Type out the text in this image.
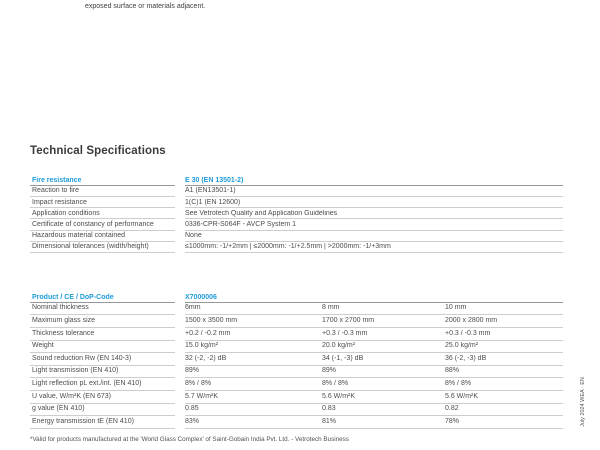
exposed surface or materials adjacent.
Technical Specifications
Fire resistance	E 30 (EN 13501-2)
Reaction to fire	A1 (EN13501-1)
Impact resistance	1(C)1 (EN 12600)
Application conditions	See Vetrotech Quality and Application Guidelines
Certificate of constancy of performance	0336-CPR-S064F - AVCP System 1
Hazardous material contained	None
Dimensional tolerances (width/height)	≤1000mm: -1/+2mm | ≤2000mm: -1/+2.5mm | >2000mm: -1/+3mm
Product / CE / DoP-Code	X7000006
Nominal thickness	6mm	8 mm	10 mm
Maximum glass size	1500 x 3500 mm	1700 x 2700 mm	2000 x 2800 mm
Thickness tolerance	+0.2 / -0.2 mm	+0.3 / -0.3 mm	+0.3 / -0.3 mm
Weight	15.0 kg/m²	20.0 kg/m²	25.0 kg/m²
Sound reduction Rw (EN 140-3)	32 (-2, -2) dB	34 (-1, -3) dB	36 (-2, -3) dB
Light transmission (EN 410)	89%	89%	88%
Light reflection pL ext./int. (EN 410)	8% / 8%	8% / 8%	8% / 8%
U value, W/m²K (EN 673)	5.7 W/m²K	5.6 W/m²K	5.6 W/m²K
g value (EN 410)	0.85	0.83	0.82
Energy transmission tE (EN 410)	83%	81%	78%
*Valid for products manufactured at the 'World Glass Complex' of Saint-Gobain India Pvt. Ltd. - Vetrotech Business
July 2024 WEA · EN
